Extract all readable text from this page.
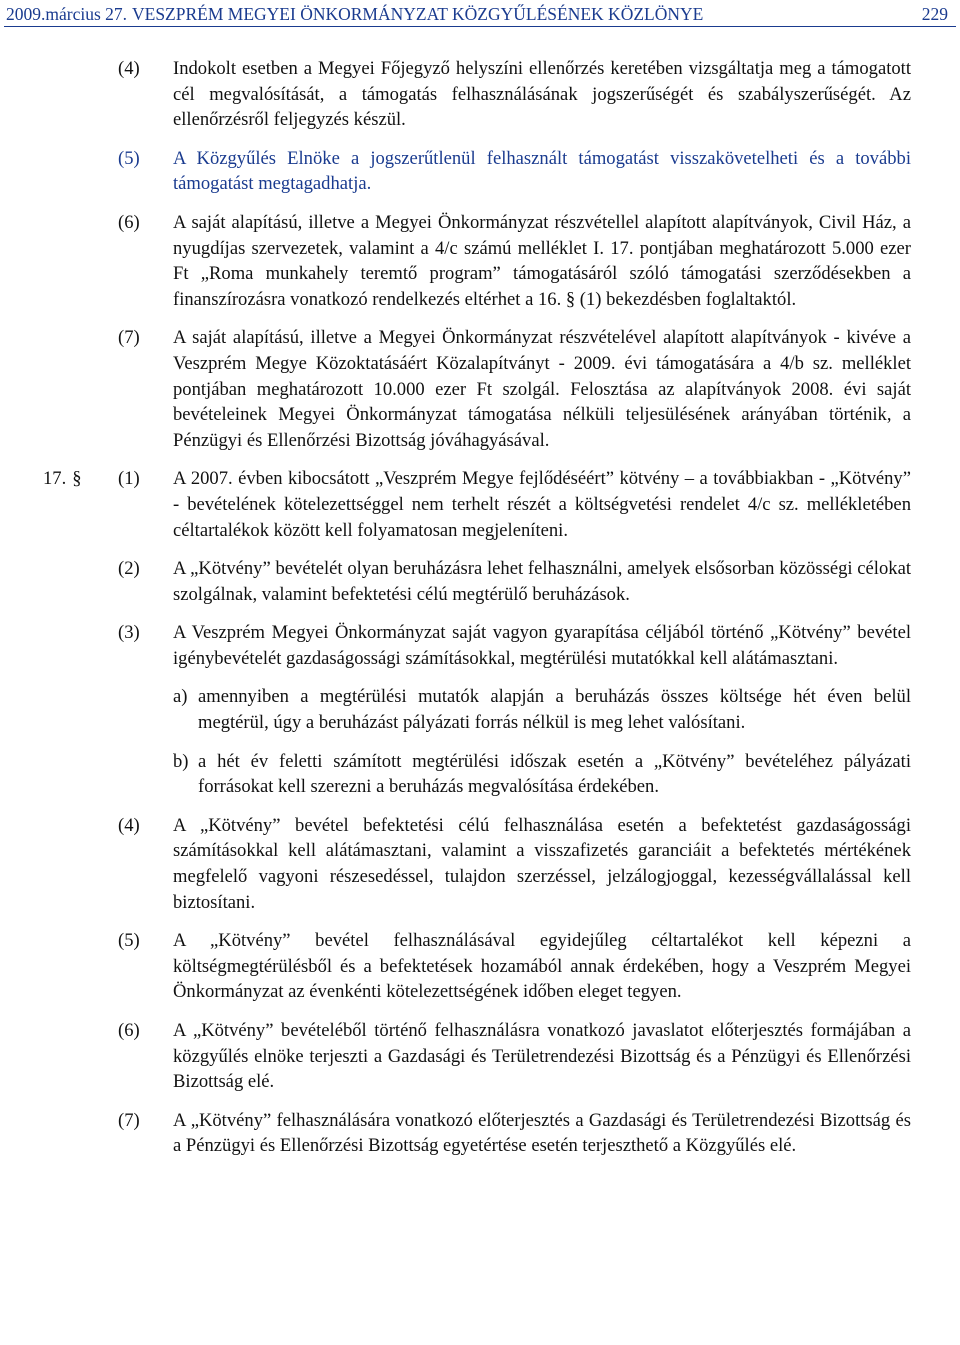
2009.március 27. VESZPRÉM MEGYEI ÖNKORMÁNYZAT KÖZGYŰLÉSÉNEK KÖZLÖNYE	229
(4) Indokolt esetben a Megyei Főjegyző helyszíni ellenőrzés keretében vizsgáltatja meg a támogatott cél megvalósítását, a támogatás felhasználásának jogszerűségét és szabályszerűségét. Az ellenőrzésről feljegyzés készül.
(5) A Közgyűlés Elnöke a jogszerűtlenül felhasznált támogatást visszakövetelheti és a további támogatást megtagadhatja.
(6) A saját alapítású, illetve a Megyei Önkormányzat részvétellel alapított alapítványok, Civil Ház, a nyugdíjas szervezetek, valamint a 4/c számú melléklet I. 17. pontjában meghatározott 5.000 ezer Ft „Roma munkahely teremtő program” támogatásáról szóló támogatási szerződésekben a finanszírozásra vonatkozó rendelkezés eltérhet a 16. § (1) bekezdésben foglaltaktól.
(7) A saját alapítású, illetve a Megyei Önkormányzat részvételével alapított alapítványok - kivéve a Veszprém Megye Közoktatásáért Közalapítványt - 2009. évi támogatására a 4/b sz. melléklet pontjában meghatározott 10.000 ezer Ft szolgál. Felosztása az alapítványok 2008. évi saját bevételeinek Megyei Önkormányzat támogatása nélküli teljesülésének arányában történik, a Pénzügyi és Ellenőrzési Bizottság jóváhagyásával.
17. § (1) A 2007. évben kibocsátott „Veszprém Megye fejlődéséért” kötvény – a továbbiakban - „Kötvény” - bevételének kötelezettséggel nem terhelt részét a költségvetési rendelet 4/c sz. mellékletében céltartalékok között kell folyamatosan megjeleníteni.
(2) A „Kötvény” bevételét olyan beruházásra lehet felhasználni, amelyek elsősorban közösségi célokat szolgálnak, valamint befektetési célú megtérülő beruházások.
(3) A Veszprém Megyei Önkormányzat saját vagyon gyarapítása céljából történő „Kötvény” bevétel igénybevételét gazdaságossági számításokkal, megtérülési mutatókkal kell alátámasztani.
a) amennyiben a megtérülési mutatók alapján a beruházás összes költsége hét éven belül megtérül, úgy a beruházást pályázati forrás nélkül is meg lehet valósítani.
b) a hét év feletti számított megtérülési időszak esetén a „Kötvény” bevételéhez pályázati forrásokat kell szerezni a beruházás megvalósítása érdekében.
(4) A „Kötvény” bevétel befektetési célú felhasználása esetén a befektetést gazdaságossági számításokkal kell alátámasztani, valamint a visszafizetés garanciáit a befektetés mértékének megfelelő vagyoni részesedéssel, tulajdon szerzéssel, jelzálogjoggal, kezességvállalással kell biztosítani.
(5) A „Kötvény” bevétel felhasználásával egyidejűleg céltartalékot kell képezni a költségmegtérülésből és a befektetések hozamából annak érdekében, hogy a Veszprém Megyei Önkormányzat az évenkénti kötelezettségének időben eleget tegyen.
(6) A „Kötvény” bevételéből történő felhasználásra vonatkozó javaslatot előterjesztés formájában a közgyűlés elnöke terjeszti a Gazdasági és Területrendezési Bizottság és a Pénzügyi és Ellenőrzési Bizottság elé.
(7) A „Kötvény” felhasználására vonatkozó előterjesztés a Gazdasági és Területrendezési Bizottság és a Pénzügyi és Ellenőrzési Bizottság egyetértése esetén terjeszthető a Közgyűlés elé.
